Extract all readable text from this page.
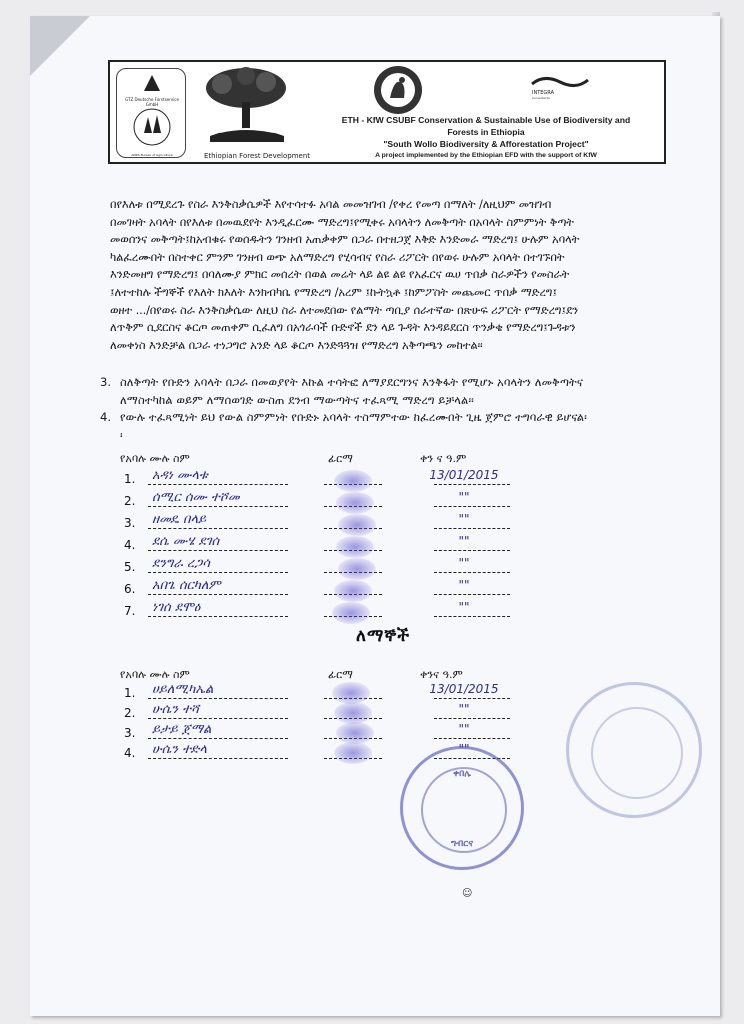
GTZ Deutsche Forstservice GmbH
ANRS Bureau of Agriculture	Ethiopian Forest Development
INTEGRA
Consultants
ETH - KfW CSUBF Conservation & Sustainable Use of Biodiversity and
Forests in Ethiopia
"South Wollo Biodiversity & Afforestation Project"
A project implemented by the Ethiopian EFD with the support of KfW
በየእለቱ በሚደረጉ የስራ እንቅስቃሴዎች እየተሳተፉ አባል መመዝገብ /የቀረ የመጣ በማለት /ለዚህም መዝገብ
በመገዛት አባላት በየእለቱ በመዉደየት እንዲፈርሙ ማድረግ፤የሚቀሩ አባላትን ለመቅጣት በአባላት ስምምነት ቅጣት
መወሰንና መቅጣት፤ከአብቁሩ የወሰዱትን ገንዘብ አጠቃቀም በጋራ በተዘጋጀ እቅድ እንድመራ ማድረግ፤ ሁሉም አባላት
ካልፈረሙበት በስተቀር ምንም ገንዘብ ወጭ አለማድረግ የሂሳብና የስራ ሪፖርት በየወሩ ሁሉም አባላት በተገኙበት
እንድመዘግ የማድረግ፤ በባለሙያ ምክር መሰረት በወል መሬት ላይ ልዩ ልዩ የአፈርና ዉሀ ጥበቃ ስራዎችን የመስራት
፤ለተተከሉ ችግኞች የእለት ክእለት እንክብካቤ የማድረግ /አረም ፤ኩትኳቶ ፤ከምፖስት መጨመር ጥበቃ ማድረግ፤
ወዘተ .../በየወሩ ስራ እንቅስቃሴው ለዚህ ስራ ለተመደበው የልማት ጣቢያ ሰራተኛው በጽሁፍ ሪፖርት የማድረግ፤ደን
ለጥቅም ሲደርስና ቆርጦ መጠቀም ሲፈለግ በአጎራባች ቡድኖች ደን ላይ ጉዳት እንዳይደርስ ጥንቃቄ የማድረግ፤ጉዳቱን
ለመቀነስ እንድቻል በጋራ ተነጋግሮ አንድ ላይ ቆርጦ እንድጓጓዝ የማድረግ አቅጣጫን መከተል፡፡
3. ስለቅጣት የቡድን አባላት በጋራ በመወያየት እኩል ተሳትፎ ለማያደርግንና እንቅፋት የሚሆኑ አባላትን ለመቅጣትና
ለማስተካከል ወይም ለማሰወገድ ውስጠ ደንብ ማውጣትና ተፈጻሚ ማድረግ ይቻላል፡፡
4. የውሉ ተፈጻሚነት ይህ የውል ስምምነት የቡድኑ አባላት ተስማምተው ከፈረሙበት ጊዜ ጀምሮ ተግባራዊ ይሆናል፡
፡
የአባሉ ሙሉ ስም	ፊርማ	ቀን ና ዓ.ም
1.	አዳነ ሙላቱ	13/01/2015
2.	ሰሚር ሰሙ ተሾመ	""
3.	ዘመዴ በላይ	""
4.	ደሴ ሙሄ ደገሰ	""
5.	ደንግራ ረጋሳ	""
6.	አበጌ ሰርካለም	""
7.	ነገሰ ደሞዕ	""
ለማኞች
የአባሉ ሙሉ ስም	ፊርማ	ቀንና ዓ.ም
1.	ሀይለሚካኤል	13/01/2015
2.	ሁሴን ተሻ	""
3.	ይታይ ጀማል	""
4.	ሁሴን ተድላ	""
ቀበሌ
ግብርና
☺
